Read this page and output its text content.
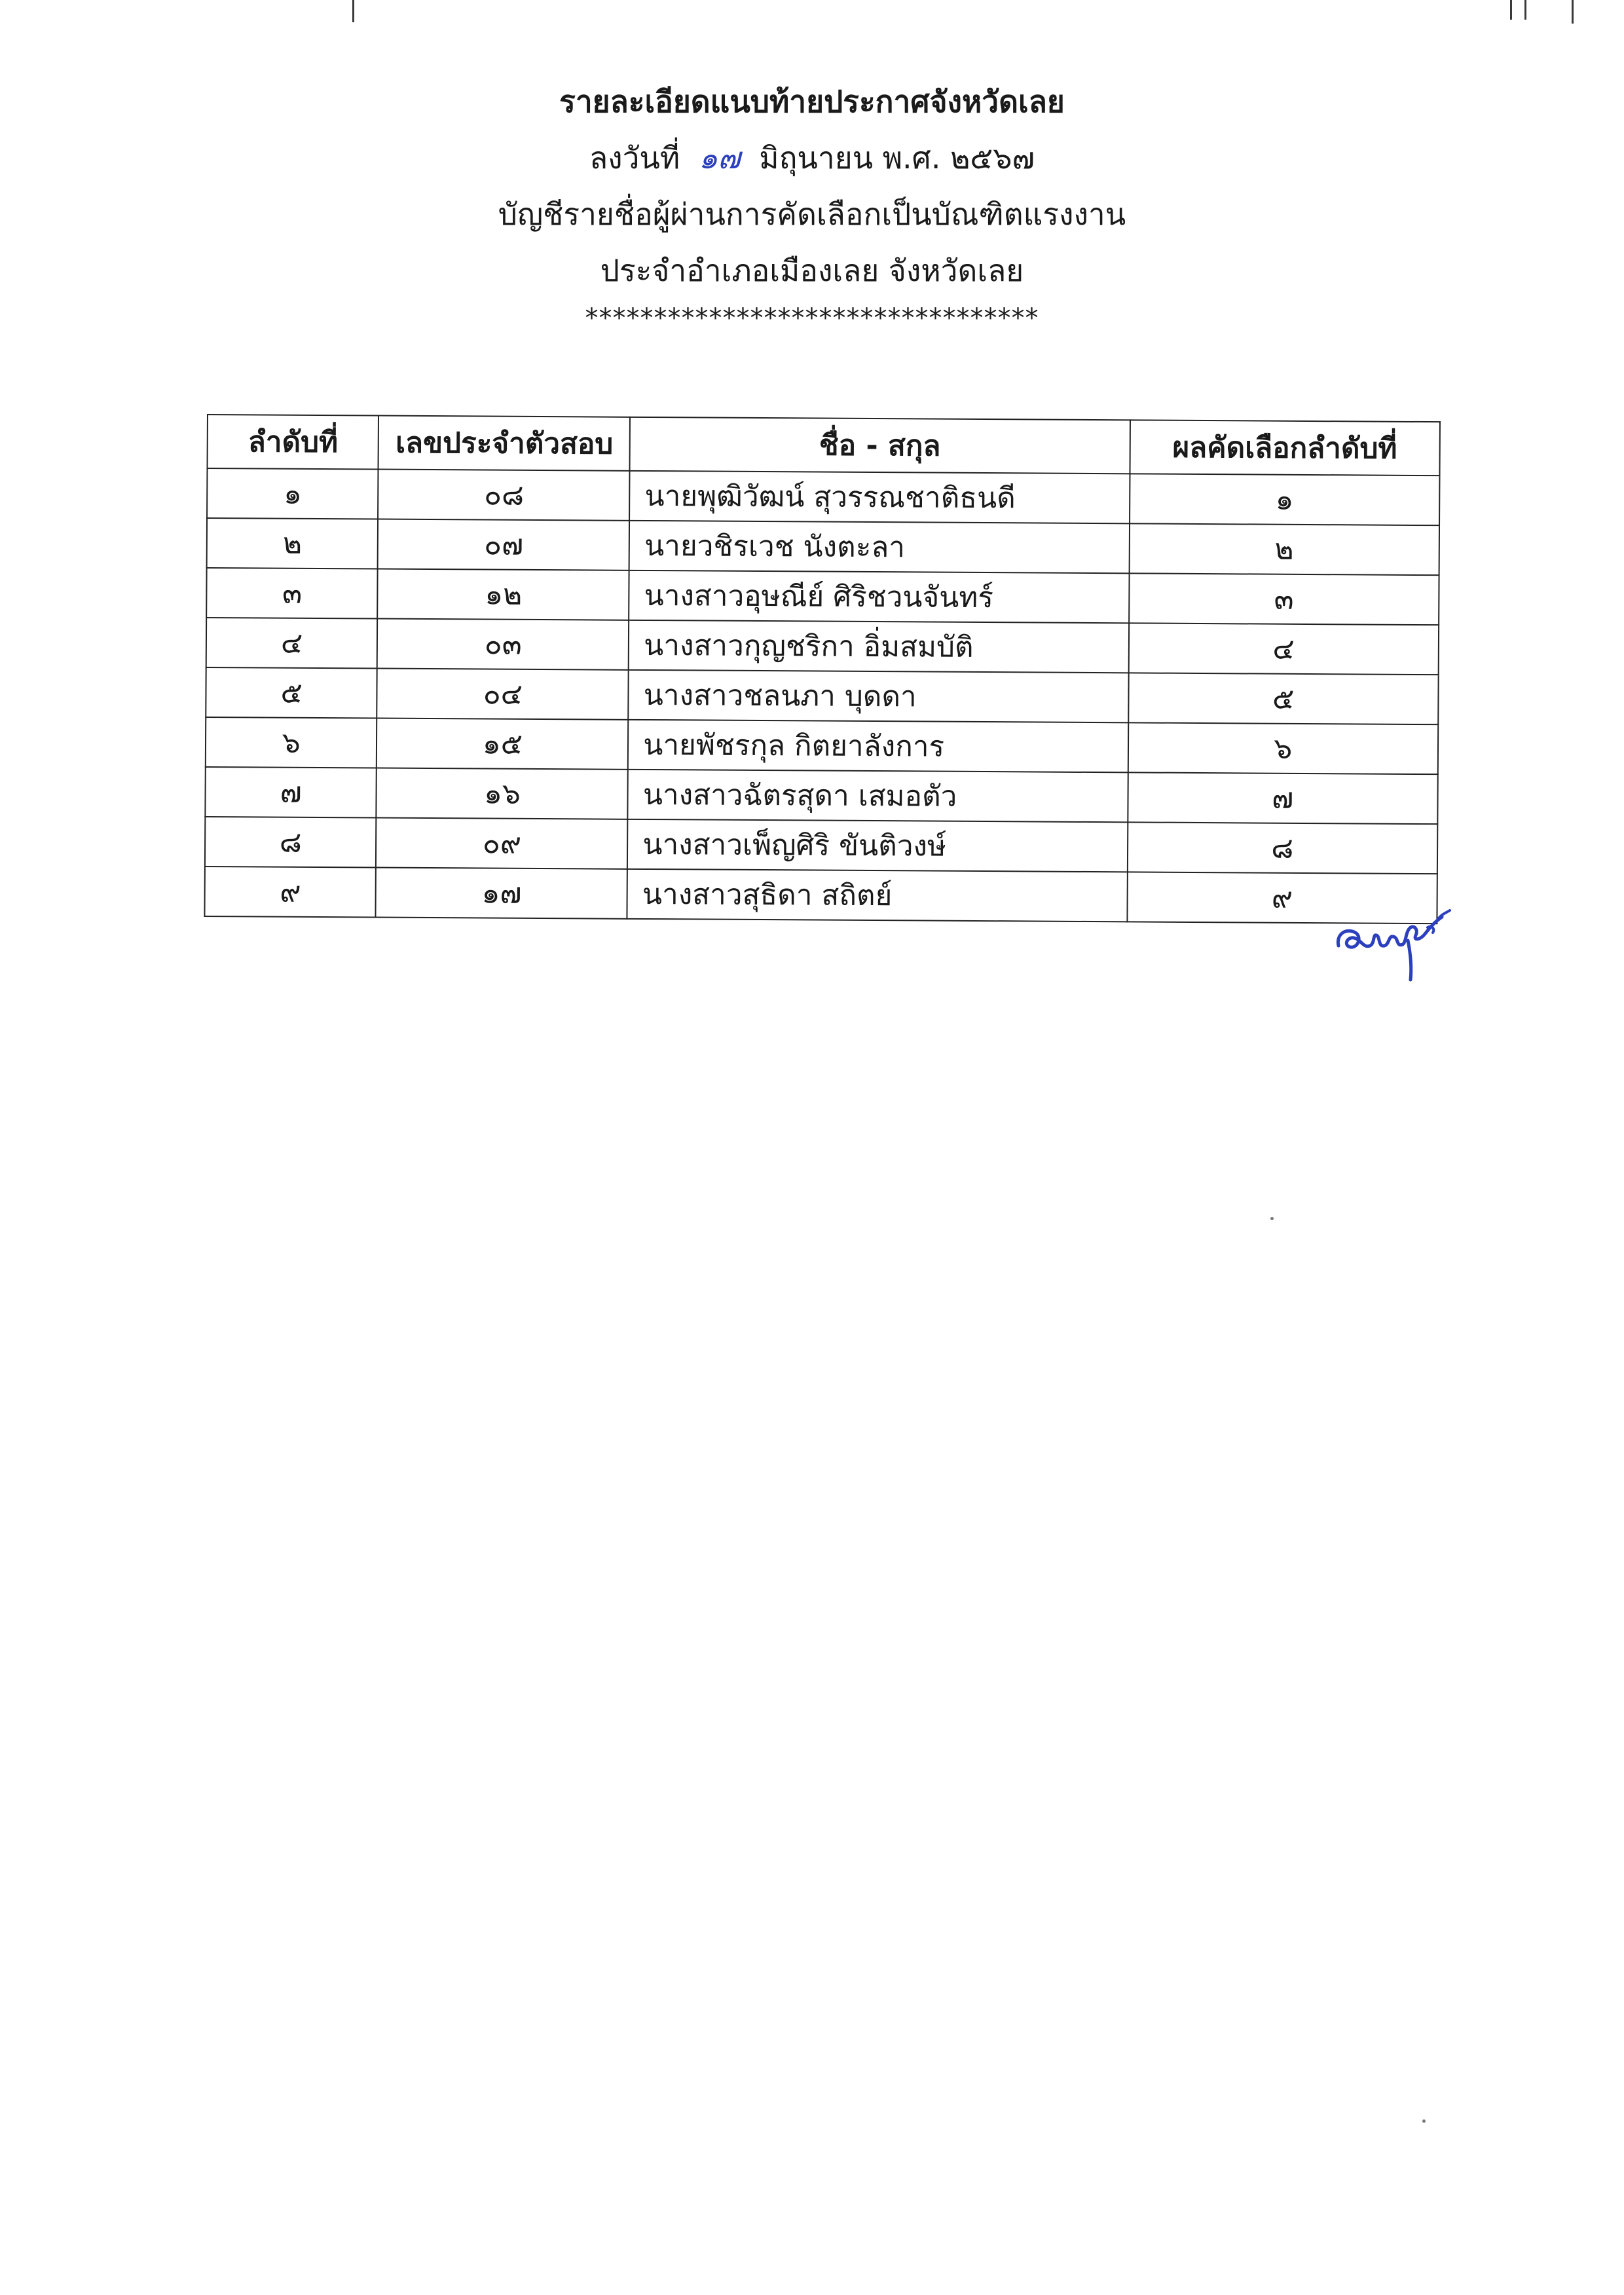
รายละเอียดแนบท้ายประกาศจังหวัดเลย
ลงวันที่ ๑๗ มิถุนายน พ.ศ. ๒๕๖๗
บัญชีรายชื่อผู้ผ่านการคัดเลือกเป็นบัณฑิตแรงงาน
ประจำอำเภอเมืองเลย จังหวัดเลย
*********************************
ลำดับที่	เลขประจำตัวสอบ	ชื่อ - สกุล	ผลคัดเลือกลำดับที่
๑	๐๘	นายพุฒิวัฒน์ สุวรรณชาติธนดี	๑
๒	๐๗	นายวชิรเวช นังตะลา	๒
๓	๑๒	นางสาวอุษณีย์ ศิริชวนจันทร์	๓
๔	๐๓	นางสาวกุญชริกา อิ่มสมบัติ	๔
๕	๐๔	นางสาวชลนภา บุดดา	๕
๖	๑๕	นายพัชรกุล กิตยาลังการ	๖
๗	๑๖	นางสาวฉัตรสุดา เสมอตัว	๗
๘	๐๙	นางสาวเพ็ญศิริ ขันติวงษ์	๘
๙	๑๗	นางสาวสุธิดา สถิตย์	๙
